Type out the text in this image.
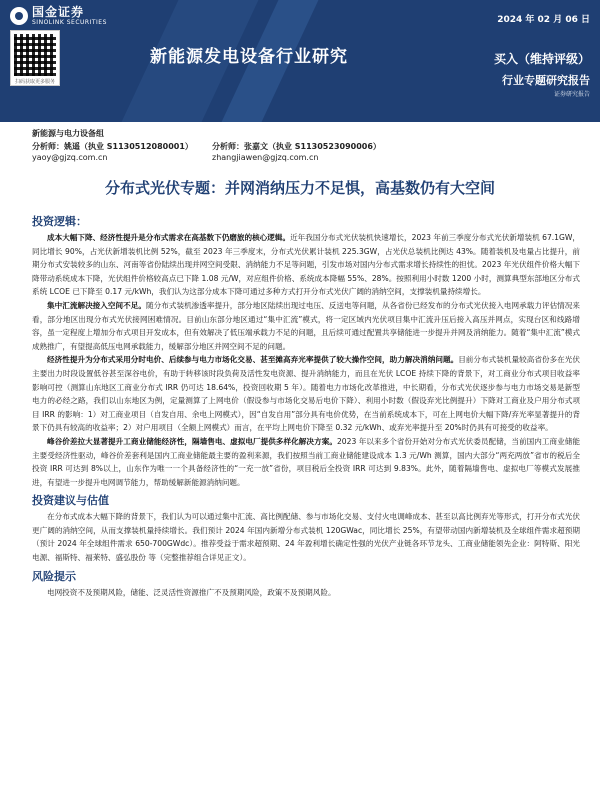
国金证券
SINOLINK SECURITIES
扫码获取更多服务
2024 年 02 月 06 日
新能源发电设备行业研究	买入（维持评级）
行业专题研究报告
证券研究报告
新能源与电力设备组
分析师：姚遥（执业 S1130512080001）
yaoy@gjzq.com.cn
分析师：张嘉文（执业 S1130523090006）
zhangjiawen@gjzq.com.cn
分布式光伏专题：并网消纳压力不足惧，高基数仍有大空间
投资逻辑：

成本大幅下降、经济性提升是分布式需求在高基数下仍磨旅的核心逻辑。近年我国分布式光伏装机快速增长，2023 年前三季度分布式光伏新增装机 67.1GW，同比增长 90%，占光伏新增装机比例 52%，截至 2023 年三季度末，分布式光伏累计装机 225.3GW，占光伏总装机比例达 43%。随着装机及电量占比提升，前期分布式安装较多的山东、河南等省份陆续出现并网空间受限、消纳能力不足等问题，引发市场对国内分布式需求增长持续性的担忧。2023 年光伏组件价格大幅下降带动系统成本下降，光伏组件价格较高点已下降 1.08 元/W，对应组件价格、系统成本降幅 55%、28%。按照利用小时数 1200 小时，测算典型东部地区分布式系统 LCOE 已下降至 0.17 元/kWh，我们认为这部分成本下降可通过多种方式打开分布式光伏广阔的消纳空间，支撑装机量持续增长。

集中汇流解决接入空间不足。随分布式装机渗透率提升，部分地区陆续出现过电压、反送电等问题，从各省份已经发布的分布式光伏接入电网承载力评估情况来看，部分地区出现分布式光伏接网困难情况。目前山东部分地区通过“集中汇流”模式，将一定区域内光伏项目集中汇流升压后接入高压并网点，实现台区和线路增容，虽一定程度上增加分布式项目开发成本，但有效解决了低压端承载力不足的问题，且后续可通过配置共享储能进一步提升并网及消纳能力。随着“集中汇流”模式成熟推广，有望提高低压电网承载能力，缓解部分地区并网空间不足的问题。

经济性提升为分布式采用分时电价、后续参与电力市场化交易、甚至摊高弃光率提供了较大操作空间，助力解决消纳问题。目前分布式装机量较高省份多在光伏主要出力时段设置低谷甚至深谷电价，有助于转移该时段负荷及活性发电资源、提升消纳能力，而且在光伏 LCOE 持续下降的背景下，对工商业分布式项目收益率影响可控（测算山东地区工商业分布式 IRR 仍可达 18.64%，投资回收期 5 年）。随着电力市场化改革推进，中长期看，分布式光伏逐步参与电力市场交易是新型电力的必经之路，我们以山东地区为例，定量测算了上网电价（假设参与市场化交易后电价下降）、利用小时数（假设弃光比例提升）下降对工商业及户用分布式项目 IRR 的影响：1）对工商业项目（自发自用、余电上网模式），因“自发自用”部分具有电价优势，在当前系统成本下，可在上网电价大幅下降/弃光率显著提升的背景下仍具有较高的收益率；2）对户用项目（全额上网模式）而言，在平均上网电价下降至 0.32 元/kWh、或弃光率提升至 20%时仍具有可接受的收益率。

峰谷价差拉大显著提升工商业储能经济性，隔墙售电、虚拟电厂提供多样化解决方案。2023 年以来多个省份开始对分布式光伏委员配储，当前国内工商业储能主要受经济性驱动，峰谷价差套利是国内工商业储能最主要的盈利来源，我们按照当前工商业储能建设成本 1.3 元/Wh 测算，国内大部分“两充两放”省市的税后全投资 IRR 可达到 8%以上，山东作为唯一一个具备经济性的“一充一放”省份，项目税后全投资 IRR 可达到 9.83%。此外，随着隔墙售电、虚拟电厂等模式发展推进，有望进一步提升电网调节能力，帮助缓解新能源消纳问题。

投资建议与估值

在分布式成本大幅下降的背景下，我们认为可以通过集中汇流、高比例配储、参与市场化交易、支付火电调峰成本、甚至以高比例弃光等形式，打开分布式光伏更广阔的消纳空间，从而支撑装机量持续增长。我们预计 2024 年国内新增分布式装机 120GWac，同比增长 25%，有望带动国内新增装机及全球组件需求超预期（预计 2024 年全球组件需求 650-700GWdc）。推荐受益于需求超预期、24 年盈利增长确定性强的光伏产业链各环节龙头、工商业储能领先企业：阿特斯、阳光电源、福斯特、福莱特、盛弘股份 等（完整推荐组合详见正文）。

风险提示

电网投资不及预期风险，储能、泛灵活性资源推广不及预期风险，政策不及预期风险。
